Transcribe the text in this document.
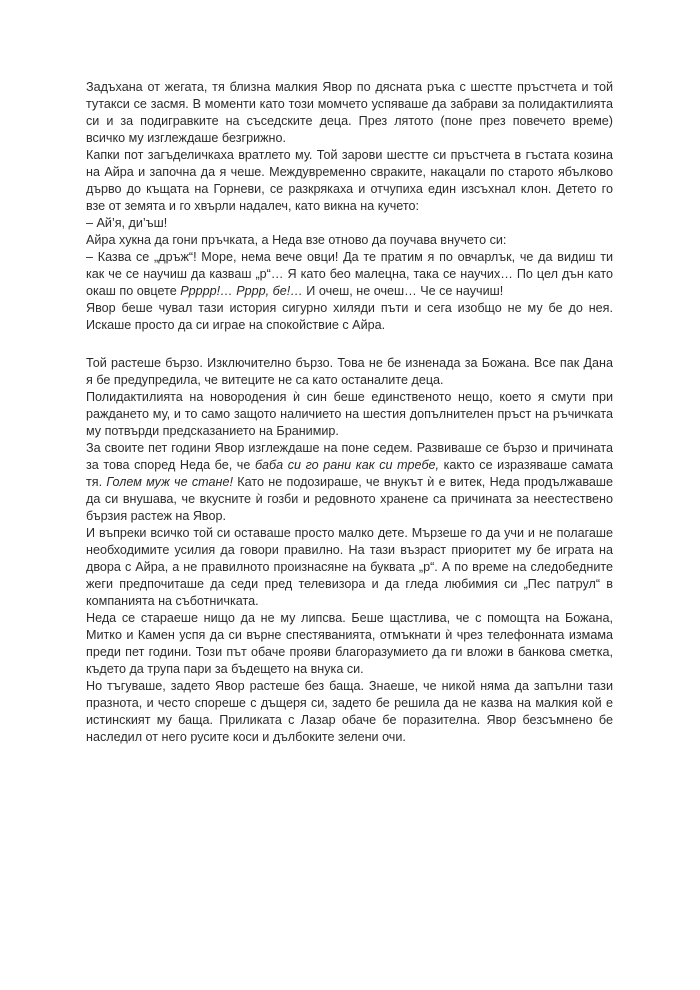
Задъхана от жегата, тя близна малкия Явор по дясната ръка с шестте пръстчета и той тутакси се засмя. В моменти като този момчето успяваше да забрави за полидактилията си и за подигравките на съседските деца. През лятото (поне през повечето време) всичко му изглеждаше безгрижно.

Капки пот загъделичкаха вратлето му. Той зарови шестте си пръстчета в гъстата козина на Айра и започна да я чеше. Междувременно свраките, накацали по старото ябълково дърво до къщата на Горневи, се разкрякаха и отчупиха един изсъхнал клон. Детето го взе от земята и го хвърли надалеч, като викна на кучето:

– Ай’я, ди’ъш!

Айра хукна да гони пръчката, а Неда взе отново да поучава внучето си:

– Казва се „дръж“! Море, нема вече овци! Да те пратим я по овчарлък, че да видиш ти как че се научиш да казваш „р“… Я като бео малецна, така се научих… По цел дън като окаш по овцете Ррррр!… Рррр, бе!… И очеш, не очеш… Че се научиш!

Явор беше чувал тази история сигурно хиляди пъти и сега изобщо не му бе до нея. Искаше просто да си играе на спокойствие с Айра.

Той растеше бързо. Изключително бързо. Това не бе изненада за Божана. Все пак Дана я бе предупредила, че витеците не са като останалите деца.

Полидактилията на новородения ѝ син беше единственото нещо, което я смути при раждането му, и то само защото наличието на шестия допълнителен пръст на ръчичката му потвърди предсказанието на Бранимир.

За своите пет години Явор изглеждаше на поне седем. Развиваше се бързо и причината за това според Неда бе, че баба си го рани как си требе, както се изразяваше самата тя. Голем муж че стане! Като не подозираше, че внукът ѝ е витек, Неда продължаваше да си внушава, че вкусните ѝ гозби и редовното хранене са причината за неестествено бързия растеж на Явор.

И въпреки всичко той си оставаше просто малко дете. Мързеше го да учи и не полагаше необходимите усилия да говори правилно. На тази възраст приоритет му бе играта на двора с Айра, а не правилното произнасяне на буквата „р“. А по време на следобедните жеги предпочиташе да седи пред телевизора и да гледа любимия си „Пес патрул“ в компанията на съботничката.

Неда се стараеше нищо да не му липсва. Беше щастлива, че с помощта на Божана, Митко и Камен успя да си върне спестяванията, отмъкнати ѝ чрез телефонната измама преди пет години. Този път обаче прояви благоразумието да ги вложи в банкова сметка, където да трупа пари за бъдещето на внука си.

Но тъгуваше, задето Явор растеше без баща. Знаеше, че никой няма да запълни тази празнота, и често спореше с дъщеря си, задето бе решила да не казва на малкия кой е истинският му баща. Приликата с Лазар обаче бе поразителна. Явор безсъмнено бе наследил от него русите коси и дълбоките зелени очи.
